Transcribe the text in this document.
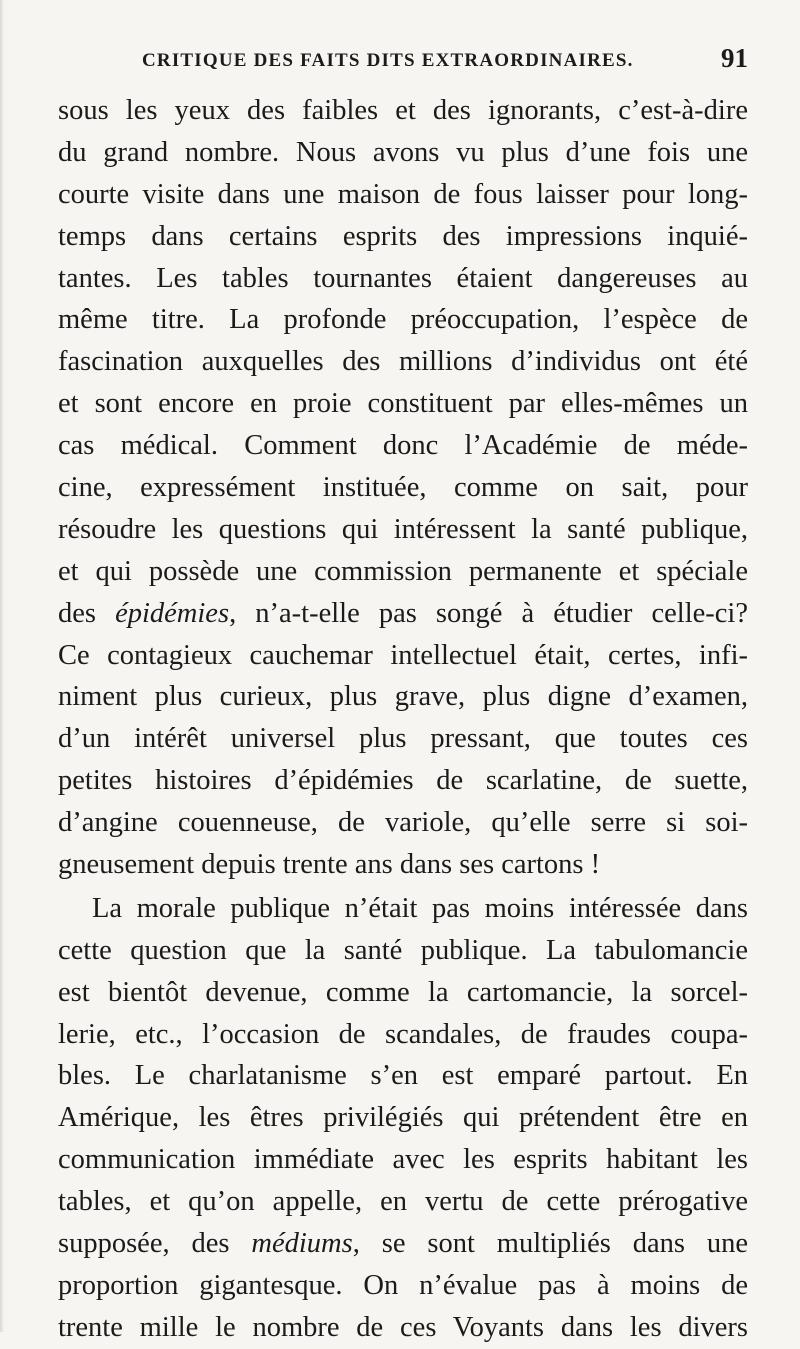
CRITIQUE DES FAITS DITS EXTRAORDINAIRES.	91
sous les yeux des faibles et des ignorants, c’est-à-dire
du grand nombre. Nous avons vu plus d’une fois une
courte visite dans une maison de fous laisser pour long-
temps dans certains esprits des impressions inquié-
tantes. Les tables tournantes étaient dangereuses au
même titre. La profonde préoccupation, l’espèce de
fascination auxquelles des millions d’individus ont été
et sont encore en proie constituent par elles-mêmes un
cas médical. Comment donc l’Académie de méde-
cine, expressément instituée, comme on sait, pour
résoudre les questions qui intéressent la santé publique,
et qui possède une commission permanente et spéciale
des épidémies, n’a-t-elle pas songé à étudier celle-ci?
Ce contagieux cauchemar intellectuel était, certes, infi-
niment plus curieux, plus grave, plus digne d’examen,
d’un intérêt universel plus pressant, que toutes ces
petites histoires d’épidémies de scarlatine, de suette,
d’angine couenneuse, de variole, qu’elle serre si soi-
gneusement depuis trente ans dans ses cartons !
La morale publique n’était pas moins intéressée dans
cette question que la santé publique. La tabulomancie
est bientôt devenue, comme la cartomancie, la sorcel-
lerie, etc., l’occasion de scandales, de fraudes coupa-
bles. Le charlatanisme s’en est emparé partout. En
Amérique, les êtres privilégiés qui prétendent être en
communication immédiate avec les esprits habitant les
tables, et qu’on appelle, en vertu de cette prérogative
supposée, des médiums, se sont multipliés dans une
proportion gigantesque. On n’évalue pas à moins de
trente mille le nombre de ces Voyants dans les divers
